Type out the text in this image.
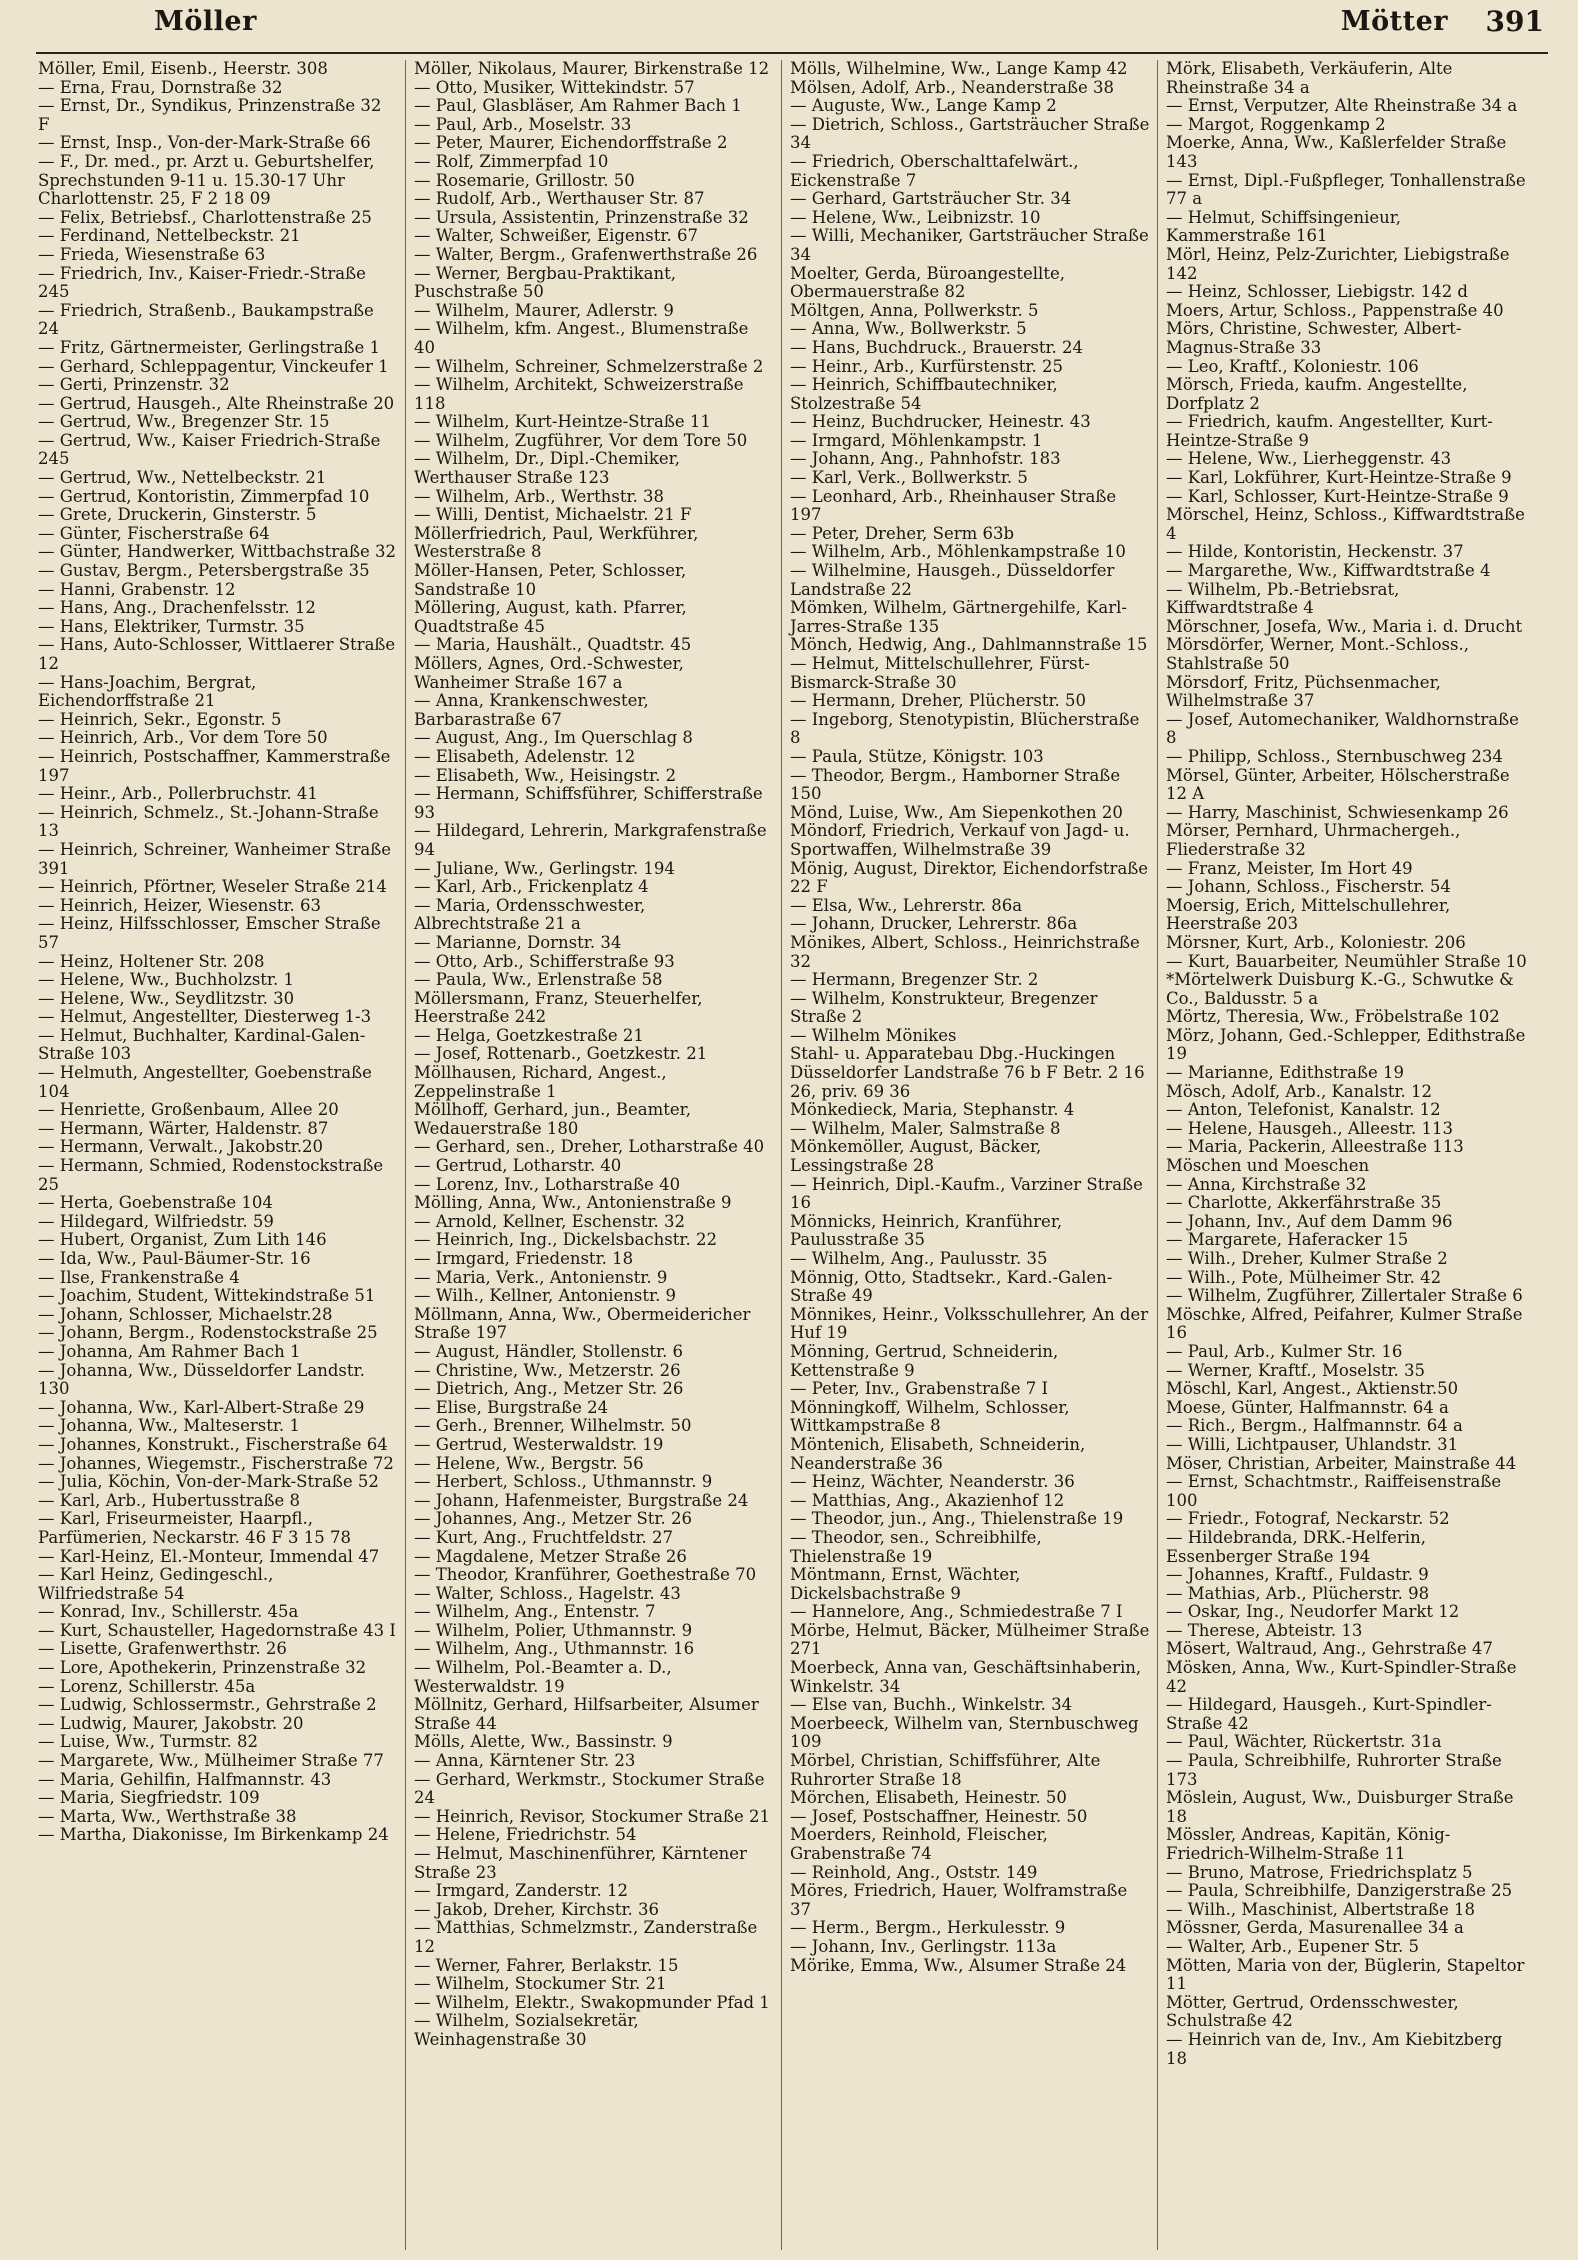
Möller	Mötter 391
Möller, Emil, Eisenb., Heerstr. 308
— Erna, Frau, Dornstraße 32
— Ernst, Dr., Syndikus, Prinzenstraße 32 F
— Ernst, Insp., Von-der-Mark-Straße 66
— F., Dr. med., pr. Arzt u. Geburtshelfer, Sprechstunden 9-11 u. 15.30-17 Uhr Charlottenstr. 25, F 2 18 09
— Felix, Betriebsf., Charlottenstraße 25
— Ferdinand, Nettelbeckstr. 21
— Frieda, Wiesenstraße 63
— Friedrich, Inv., Kaiser-Friedr.-Straße 245
— Friedrich, Straßenb., Baukampstraße 24
— Fritz, Gärtnermeister, Gerlingstraße 1
— Gerhard, Schleppagentur, Vinckeufer 1
— Gerti, Prinzenstr. 32
— Gertrud, Hausgeh., Alte Rheinstraße 20
— Gertrud, Ww., Bregenzer Str. 15
— Gertrud, Ww., Kaiser Friedrich-Straße 245
— Gertrud, Ww., Nettelbeckstr. 21
— Gertrud, Kontoristin, Zimmerpfad 10
— Grete, Druckerin, Ginsterstr. 5
— Günter, Fischerstraße 64
— Günter, Handwerker, Wittbachstraße 32
— Gustav, Bergm., Petersbergstraße 35
— Hanni, Grabenstr. 12
— Hans, Ang., Drachenfelsstr. 12
— Hans, Elektriker, Turmstr. 35
— Hans, Auto-Schlosser, Wittlaerer Straße 12
— Hans-Joachim, Bergrat, Eichendorffstraße 21
— Heinrich, Sekr., Egonstr. 5
— Heinrich, Arb., Vor dem Tore 50
— Heinrich, Postschaffner, Kammerstraße 197
— Heinr., Arb., Pollerbruchstr. 41
— Heinrich, Schmelz., St.-Johann-Straße 13
— Heinrich, Schreiner, Wanheimer Straße 391
— Heinrich, Pförtner, Weseler Straße 214
— Heinrich, Heizer, Wiesenstr. 63
— Heinz, Hilfsschlosser, Emscher Straße 57
— Heinz, Holtener Str. 208
— Helene, Ww., Buchholzstr. 1
— Helene, Ww., Seydlitzstr. 30
— Helmut, Angestellter, Diesterweg 1-3
— Helmut, Buchhalter, Kardinal-Galen-Straße 103
— Helmuth, Angestellter, Goebenstraße 104
— Henriette, Großenbaum, Allee 20
— Hermann, Wärter, Haldenstr. 87
— Hermann, Verwalt., Jakobstr.20
— Hermann, Schmied, Rodenstockstraße 25
— Herta, Goebenstraße 104
— Hildegard, Wilfriedstr. 59
— Hubert, Organist, Zum Lith 146
— Ida, Ww., Paul-Bäumer-Str. 16
— Ilse, Frankenstraße 4
— Joachim, Student, Wittekindstraße 51
— Johann, Schlosser, Michaelstr.28
— Johann, Bergm., Rodenstockstraße 25
— Johanna, Am Rahmer Bach 1
— Johanna, Ww., Düsseldorfer Landstr. 130
— Johanna, Ww., Karl-Albert-Straße 29
— Johanna, Ww., Malteserstr. 1
— Johannes, Konstrukt., Fischerstraße 64
— Johannes, Wiegemstr., Fischerstraße 72
— Julia, Köchin, Von-der-Mark-Straße 52
— Karl, Arb., Hubertusstraße 8
— Karl, Friseurmeister, Haarpfl., Parfümerien, Neckarstr. 46 F 3 15 78
— Karl-Heinz, El.-Monteur, Immendal 47
— Karl Heinz, Gedingeschl., Wilfriedstraße 54
— Konrad, Inv., Schillerstr. 45a
— Kurt, Schausteller, Hagedornstraße 43 I
— Lisette, Grafenwerthstr. 26
— Lore, Apothekerin, Prinzenstraße 32
— Lorenz, Schillerstr. 45a
— Ludwig, Schlossermstr., Gehrstraße 2
— Ludwig, Maurer, Jakobstr. 20
— Luise, Ww., Turmstr. 82
— Margarete, Ww., Mülheimer Straße 77
— Maria, Gehilfin, Halfmannstr. 43
— Maria, Siegfriedstr. 109
— Marta, Ww., Werthstraße 38
— Martha, Diakonisse, Im Birkenkamp 24
Möller, Nikolaus, Maurer, Birkenstraße 12
— Otto, Musiker, Wittekindstr. 57
— Paul, Glasbläser, Am Rahmer Bach 1
— Paul, Arb., Moselstr. 33
— Peter, Maurer, Eichendorffstraße 2
— Rolf, Zimmerpfad 10
— Rosemarie, Grillostr. 50
— Rudolf, Arb., Werthauser Str. 87
— Ursula, Assistentin, Prinzenstraße 32
— Walter, Schweißer, Eigenstr. 67
— Walter, Bergm., Grafenwerthstraße 26
— Werner, Bergbau-Praktikant, Puschstraße 50
— Wilhelm, Maurer, Adlerstr. 9
— Wilhelm, kfm. Angest., Blumenstraße 40
— Wilhelm, Schreiner, Schmelzerstraße 2
— Wilhelm, Architekt, Schweizerstraße 118
— Wilhelm, Kurt-Heintze-Straße 11
— Wilhelm, Zugführer, Vor dem Tore 50
— Wilhelm, Dr., Dipl.-Chemiker, Werthauser Straße 123
— Wilhelm, Arb., Werthstr. 38
— Willi, Dentist, Michaelstr. 21 F
Möllerfriedrich, Paul, Werkführer, Westerstraße 8
Möller-Hansen, Peter, Schlosser, Sandstraße 10
Möllering, August, kath. Pfarrer, Quadtstraße 45
— Maria, Haushält., Quadtstr. 45
Möllers, Agnes, Ord.-Schwester, Wanheimer Straße 167 a
— Anna, Krankenschwester, Barbarastraße 67
— August, Ang., Im Querschlag 8
— Elisabeth, Adelenstr. 12
— Elisabeth, Ww., Heisingstr. 2
— Hermann, Schiffsführer, Schifferstraße 93
— Hildegard, Lehrerin, Markgrafenstraße 94
— Juliane, Ww., Gerlingstr. 194
— Karl, Arb., Frickenplatz 4
— Maria, Ordensschwester, Albrechtstraße 21 a
— Marianne, Dornstr. 34
— Otto, Arb., Schifferstraße 93
— Paula, Ww., Erlenstraße 58
Möllersmann, Franz, Steuerhelfer, Heerstraße 242
— Helga, Goetzkestraße 21
— Josef, Rottenarb., Goetzkestr. 21
Möllhausen, Richard, Angest., Zeppelinstraße 1
Möllhoff, Gerhard, jun., Beamter, Wedauerstraße 180
— Gerhard, sen., Dreher, Lotharstraße 40
— Gertrud, Lotharstr. 40
— Lorenz, Inv., Lotharstraße 40
Mölling, Anna, Ww., Antonienstraße 9
— Arnold, Kellner, Eschenstr. 32
— Heinrich, Ing., Dickelsbachstr. 22
— Irmgard, Friedenstr. 18
— Maria, Verk., Antonienstr. 9
— Wilh., Kellner, Antonienstr. 9
Möllmann, Anna, Ww., Obermeidericher Straße 197
— August, Händler, Stollenstr. 6
— Christine, Ww., Metzerstr. 26
— Dietrich, Ang., Metzer Str. 26
— Elise, Burgstraße 24
— Gerh., Brenner, Wilhelmstr. 50
— Gertrud, Westerwaldstr. 19
— Helene, Ww., Bergstr. 56
— Herbert, Schloss., Uthmannstr. 9
— Johann, Hafenmeister, Burgstraße 24
— Johannes, Ang., Metzer Str. 26
— Kurt, Ang., Fruchtfeldstr. 27
— Magdalene, Metzer Straße 26
— Theodor, Kranführer, Goethestraße 70
— Walter, Schloss., Hagelstr. 43
— Wilhelm, Ang., Entenstr. 7
— Wilhelm, Polier, Uthmannstr. 9
— Wilhelm, Ang., Uthmannstr. 16
— Wilhelm, Pol.-Beamter a. D., Westerwaldstr. 19
Möllnitz, Gerhard, Hilfsarbeiter, Alsumer Straße 44
Mölls, Alette, Ww., Bassinstr. 9
— Anna, Kärntener Str. 23
— Gerhard, Werkmstr., Stockumer Straße 24
— Heinrich, Revisor, Stockumer Straße 21
— Helene, Friedrichstr. 54
— Helmut, Maschinenführer, Kärntener Straße 23
— Irmgard, Zanderstr. 12
— Jakob, Dreher, Kirchstr. 36
— Matthias, Schmelzmstr., Zanderstraße 12
— Werner, Fahrer, Berlakstr. 15
— Wilhelm, Stockumer Str. 21
— Wilhelm, Elektr., Swakopmunder Pfad 1
— Wilhelm, Sozialsekretär, Weinhagenstraße 30
Mölls, Wilhelmine, Ww., Lange Kamp 42
Mölsen, Adolf, Arb., Neanderstraße 38
— Auguste, Ww., Lange Kamp 2
— Dietrich, Schloss., Gartsträucher Straße 34
— Friedrich, Oberschalttafelwärt., Eickenstraße 7
— Gerhard, Gartsträucher Str. 34
— Helene, Ww., Leibnizstr. 10
— Willi, Mechaniker, Gartsträucher Straße 34
Moelter, Gerda, Büroangestellte, Obermauerstraße 82
Möltgen, Anna, Pollwerkstr. 5
— Anna, Ww., Bollwerkstr. 5
— Hans, Buchdruck., Brauerstr. 24
— Heinr., Arb., Kurfürstenstr. 25
— Heinrich, Schiffbautechniker, Stolzestraße 54
— Heinz, Buchdrucker, Heinestr. 43
— Irmgard, Möhlenkampstr. 1
— Johann, Ang., Pahnhofstr. 183
— Karl, Verk., Bollwerkstr. 5
— Leonhard, Arb., Rheinhauser Straße 197
— Peter, Dreher, Serm 63b
— Wilhelm, Arb., Möhlenkampstraße 10
— Wilhelmine, Hausgeh., Düsseldorfer Landstraße 22
Mömken, Wilhelm, Gärtnergehilfe, Karl-Jarres-Straße 135
Mönch, Hedwig, Ang., Dahlmannstraße 15
— Helmut, Mittelschullehrer, Fürst-Bismarck-Straße 30
— Hermann, Dreher, Plücherstr. 50
— Ingeborg, Stenotypistin, Blücherstraße 8
— Paula, Stütze, Königstr. 103
— Theodor, Bergm., Hamborner Straße 150
Mönd, Luise, Ww., Am Siepenkothen 20
Möndorf, Friedrich, Verkauf von Jagd- u. Sportwaffen, Wilhelmstraße 39
Mönig, August, Direktor, Eichendorfstraße 22 F
— Elsa, Ww., Lehrerstr. 86a
— Johann, Drucker, Lehrerstr. 86a
Mönikes, Albert, Schloss., Heinrichstraße 32
— Hermann, Bregenzer Str. 2
— Wilhelm, Konstrukteur, Bregenzer Straße 2
— Wilhelm Mönikes
Stahl- u. Apparatebau Dbg.-Huckingen Düsseldorfer Landstraße 76 b F Betr. 2 16 26, priv. 69 36
Mönkedieck, Maria, Stephanstr. 4
— Wilhelm, Maler, Salmstraße 8
Mönkemöller, August, Bäcker, Lessingstraße 28
— Heinrich, Dipl.-Kaufm., Varziner Straße 16
Mönnicks, Heinrich, Kranführer, Paulusstraße 35
— Wilhelm, Ang., Paulusstr. 35
Mönnig, Otto, Stadtsekr., Kard.-Galen-Straße 49
Mönnikes, Heinr., Volksschullehrer, An der Huf 19
Mönning, Gertrud, Schneiderin, Kettenstraße 9
— Peter, Inv., Grabenstraße 7 I
Mönningkoff, Wilhelm, Schlosser, Wittkampstraße 8
Möntenich, Elisabeth, Schneiderin, Neanderstraße 36
— Heinz, Wächter, Neanderstr. 36
— Matthias, Ang., Akazienhof 12
— Theodor, jun., Ang., Thielenstraße 19
— Theodor, sen., Schreibhilfe, Thielenstraße 19
Möntmann, Ernst, Wächter, Dickelsbachstraße 9
— Hannelore, Ang., Schmiedestraße 7 I
Mörbe, Helmut, Bäcker, Mülheimer Straße 271
Moerbeck, Anna van, Geschäftsinhaberin, Winkelstr. 34
— Else van, Buchh., Winkelstr. 34
Moerbeeck, Wilhelm van, Sternbuschweg 109
Mörbel, Christian, Schiffsführer, Alte Ruhrorter Straße 18
Mörchen, Elisabeth, Heinestr. 50
— Josef, Postschaffner, Heinestr. 50
Moerders, Reinhold, Fleischer, Grabenstraße 74
— Reinhold, Ang., Oststr. 149
Möres, Friedrich, Hauer, Wolframstraße 37
— Herm., Bergm., Herkulesstr. 9
— Johann, Inv., Gerlingstr. 113a
Mörike, Emma, Ww., Alsumer Straße 24
Mörk, Elisabeth, Verkäuferin, Alte Rheinstraße 34 a
— Ernst, Verputzer, Alte Rheinstraße 34 a
— Margot, Roggenkamp 2
Moerke, Anna, Ww., Kaßlerfelder Straße 143
— Ernst, Dipl.-Fußpfleger, Tonhallenstraße 77 a
— Helmut, Schiffsingenieur, Kammerstraße 161
Mörl, Heinz, Pelz-Zurichter, Liebigstraße 142
— Heinz, Schlosser, Liebigstr. 142 d
Moers, Artur, Schloss., Pappenstraße 40
Mörs, Christine, Schwester, Albert-Magnus-Straße 33
— Leo, Kraftf., Koloniestr. 106
Mörsch, Frieda, kaufm. Angestellte, Dorfplatz 2
— Friedrich, kaufm. Angestellter, Kurt-Heintze-Straße 9
— Helene, Ww., Lierheggenstr. 43
— Karl, Lokführer, Kurt-Heintze-Straße 9
— Karl, Schlosser, Kurt-Heintze-Straße 9
Mörschel, Heinz, Schloss., Kiffwardtstraße 4
— Hilde, Kontoristin, Heckenstr. 37
— Margarethe, Ww., Kiffwardtstraße 4
— Wilhelm, Pb.-Betriebsrat, Kiffwardtstraße 4
Mörschner, Josefa, Ww., Maria i. d. Drucht
Mörsdörfer, Werner, Mont.-Schloss., Stahlstraße 50
Mörsdorf, Fritz, Püchsenmacher, Wilhelmstraße 37
— Josef, Automechaniker, Waldhornstraße 8
— Philipp, Schloss., Sternbuschweg 234
Mörsel, Günter, Arbeiter, Hölscherstraße 12 A
— Harry, Maschinist, Schwiesenkamp 26
Mörser, Pernhard, Uhrmachergeh., Fliederstraße 32
— Franz, Meister, Im Hort 49
— Johann, Schloss., Fischerstr. 54
Moersig, Erich, Mittelschullehrer, Heerstraße 203
Mörsner, Kurt, Arb., Koloniestr. 206
— Kurt, Bauarbeiter, Neumühler Straße 10
*Mörtelwerk Duisburg K.-G., Schwutke & Co., Baldusstr. 5 a
Mörtz, Theresia, Ww., Fröbelstraße 102
Mörz, Johann, Ged.-Schlepper, Edithstraße 19
— Marianne, Edithstraße 19
Mösch, Adolf, Arb., Kanalstr. 12
— Anton, Telefonist, Kanalstr. 12
— Helene, Hausgeh., Alleestr. 113
— Maria, Packerin, Alleestraße 113
Möschen und Moeschen
— Anna, Kirchstraße 32
— Charlotte, Akkerfährstraße 35
— Johann, Inv., Auf dem Damm 96
— Margarete, Haferacker 15
— Wilh., Dreher, Kulmer Straße 2
— Wilh., Pote, Mülheimer Str. 42
— Wilhelm, Zugführer, Zillertaler Straße 6
Möschke, Alfred, Peifahrer, Kulmer Straße 16
— Paul, Arb., Kulmer Str. 16
— Werner, Kraftf., Moselstr. 35
Möschl, Karl, Angest., Aktienstr.50
Moese, Günter, Halfmannstr. 64 a
— Rich., Bergm., Halfmannstr. 64 a
— Willi, Lichtpauser, Uhlandstr. 31
Möser, Christian, Arbeiter, Mainstraße 44
— Ernst, Schachtmstr., Raiffeisenstraße 100
— Friedr., Fotograf, Neckarstr. 52
— Hildebranda, DRK.-Helferin, Essenberger Straße 194
— Johannes, Kraftf., Fuldastr. 9
— Mathias, Arb., Plücherstr. 98
— Oskar, Ing., Neudorfer Markt 12
— Therese, Abteistr. 13
Mösert, Waltraud, Ang., Gehrstraße 47
Mösken, Anna, Ww., Kurt-Spindler-Straße 42
— Hildegard, Hausgeh., Kurt-Spindler-Straße 42
— Paul, Wächter, Rückertstr. 31a
— Paula, Schreibhilfe, Ruhrorter Straße 173
Möslein, August, Ww., Duisburger Straße 18
Mössler, Andreas, Kapitän, König-Friedrich-Wilhelm-Straße 11
— Bruno, Matrose, Friedrichsplatz 5
— Paula, Schreibhilfe, Danzigerstraße 25
— Wilh., Maschinist, Albertstraße 18
Mössner, Gerda, Masurenallee 34 a
— Walter, Arb., Eupener Str. 5
Mötten, Maria von der, Büglerin, Stapeltor 11
Mötter, Gertrud, Ordensschwester, Schulstraße 42
— Heinrich van de, Inv., Am Kiebitzberg 18
